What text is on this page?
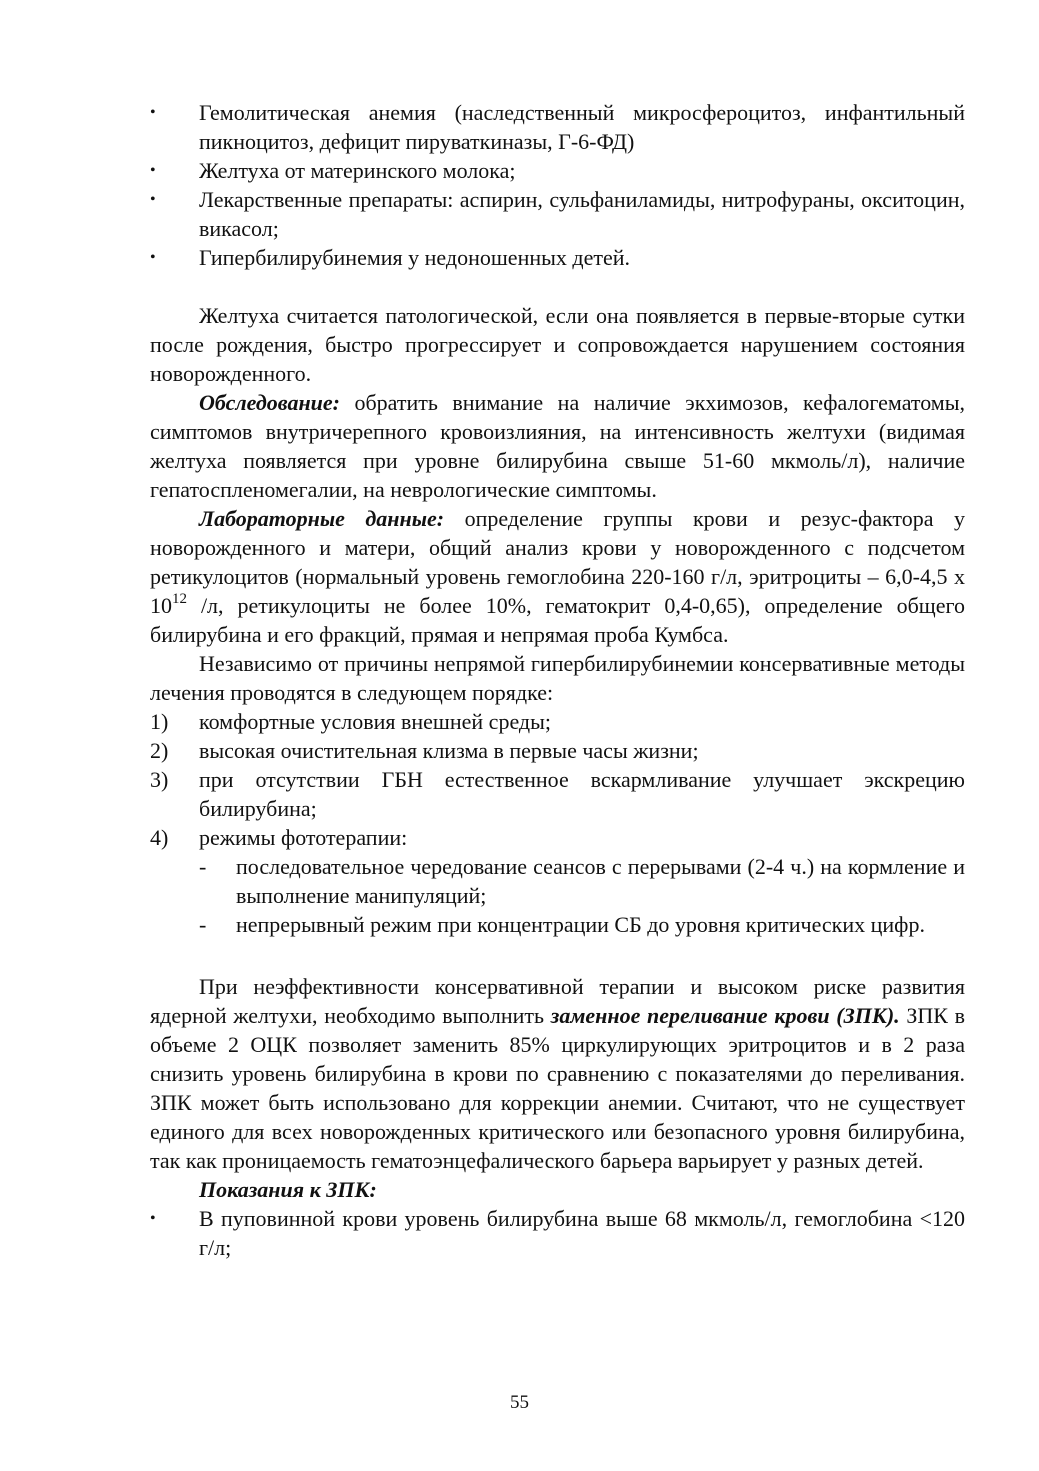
•	Гемолитическая анемия (наследственный микросфероцитоз, инфантильный пикноцитоз, дефицит пируваткиназы, Г-6-ФД)
•	Желтуха от материнского молока;
•	Лекарственные препараты: аспирин, сульфаниламиды, нитрофураны, окситоцин, викасол;
•	Гипербилирубинемия у недоношенных детей.

Желтуха считается патологической, если она появляется в первые-вторые сутки после рождения, быстро прогрессирует и сопровождается нарушением состояния новорожденного.

Обследование: обратить внимание на наличие экхимозов, кефалогематомы, симптомов внутричерепного кровоизлияния, на интенсивность желтухи (видимая желтуха появляется при уровне билирубина свыше 51-60 мкмоль/л), наличие гепатоспленомегалии, на неврологические симптомы.

Лабораторные данные: определение группы крови и резус-фактора у новорожденного и матери, общий анализ крови у новорожденного с подсчетом ретикулоцитов (нормальный уровень гемоглобина 220-160 г/л, эритроциты – 6,0-4,5 х $10^{12}$ /л, ретикулоциты не более 10%, гематокрит 0,4-0,65), определение общего билирубина и его фракций, прямая и непрямая проба Кумбса.

Независимо от причины непрямой гипербилирубинемии консервативные методы лечения проводятся в следующем порядке:

1) комфортные условия внешней среды;
2) высокая очистительная клизма в первые часы жизни;
3) при отсутствии ГБН естественное вскармливание улучшает экскрецию билирубина;
4) режимы фототерапии:
- последовательное чередование сеансов с перерывами (2-4 ч.) на кормление и выполнение манипуляций;
- непрерывный режим при концентрации СБ до уровня критических цифр.

При неэффективности консервативной терапии и высоком риске развития ядерной желтухи, необходимо выполнить заменное переливание крови (ЗПК). ЗПК в объеме 2 ОЦК позволяет заменить 85% циркулирующих эритроцитов и в 2 раза снизить уровень билирубина в крови по сравнению с показателями до переливания. ЗПК может быть использовано для коррекции анемии. Считают, что не существует единого для всех новорожденных критического или безопасного уровня билирубина, так как проницаемость гематоэнцефалического барьера варьирует у разных детей.

Показания к ЗПК:

•	В пуповинной крови уровень билирубина выше 68 мкмоль/л, гемоглобина <120 г/л;
55
